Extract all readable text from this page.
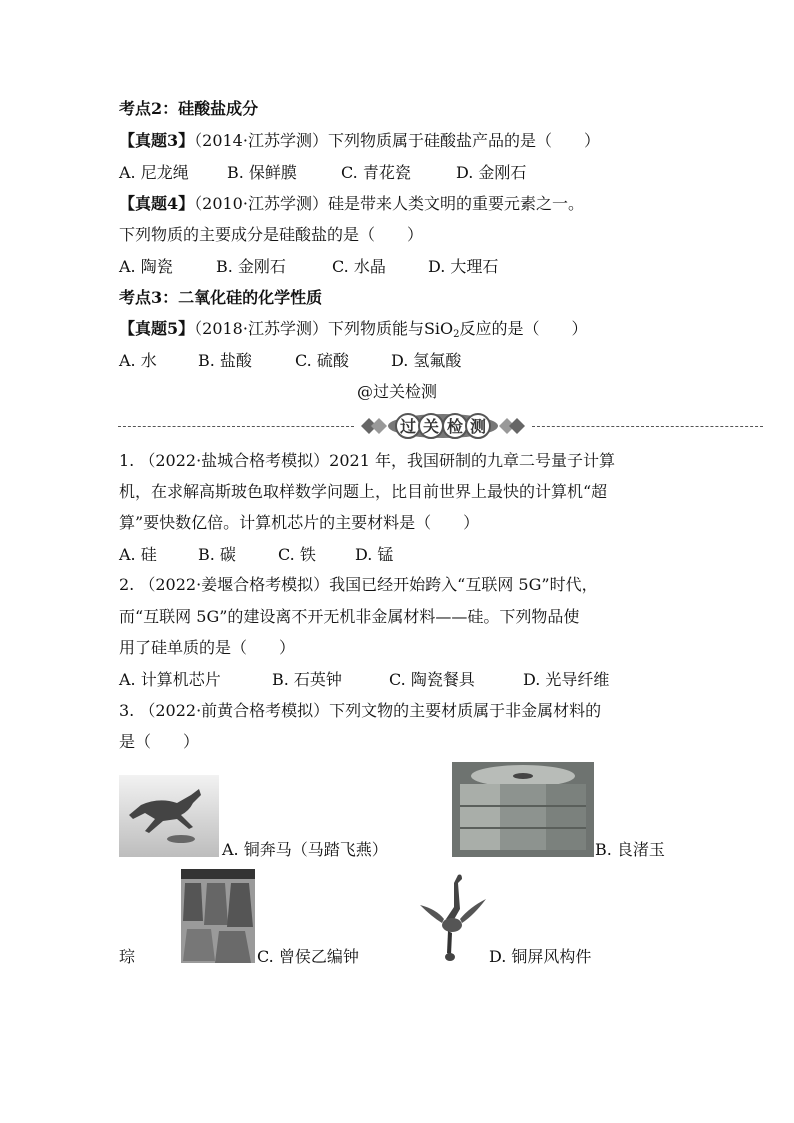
考点2：硅酸盐成分
【真题3】（2014·江苏学测）下列物质属于硅酸盐产品的是（　　）
A. 尼龙绳 B. 保鲜膜	C. 青花瓷	D. 金刚石
【真题4】（2010·江苏学测）硅是带来人类文明的重要元素之一。
下列物质的主要成分是硅酸盐的是（　　）
A. 陶瓷	B. 金刚石	C. 水晶	D. 大理石
考点3：二氧化硅的化学性质
【真题5】（2018·江苏学测）下列物质能与SiO$_2$反应的是（　　）
A. 水	B. 盐酸	C. 硫酸	D. 氢氟酸
@过关检测
过 关 检 测
1. （2022·盐城合格考模拟）2021 年，我国研制的九章二号量子计算
机，在求解高斯玻色取样数学问题上，比目前世界上最快的计算机“超
算”要快数亿倍。计算机芯片的主要材料是（　　）
A. 硅	B. 碳	C. 铁 D. 锰
2. （2022·姜堰合格考模拟）我国已经开始跨入“互联网 5G”时代，
而“互联网 5G”的建设离不开无机非金属材料——硅。下列物品使
用了硅单质的是（　　）
A. 计算机芯片	B. 石英钟	C. 陶瓷餐具	D. 光导纤维
3. （2022·前黄合格考模拟）下列文物的主要材质属于非金属材料的
是（　　）
A. 铜奔马（马踏飞燕）	B. 良渚玉
琮	C. 曾侯乙编钟	D. 铜屏风构件
